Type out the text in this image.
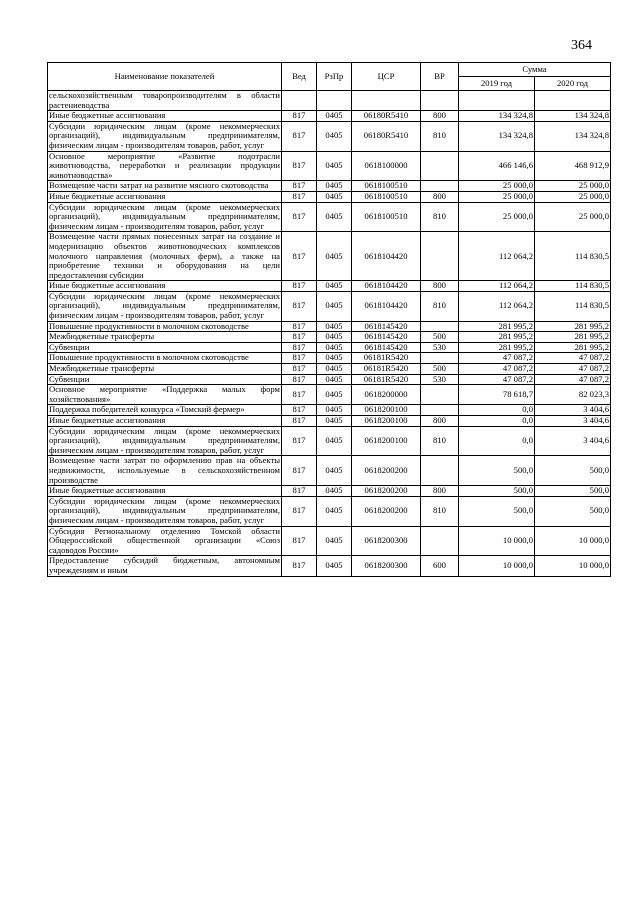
364
Наименование показателей	Вед	РзПр	ЦСР	ВР	Сумма	
					2019 год	2020 год
сельскохозяйственным товаропроизводителям в области растениеводства						
Иные бюджетные ассигнования	817	0405	06180R5410	800	134 324,8	134 324,8
Субсидии юридическим лицам (кроме некоммерческих организаций), индивидуальным предпринимателям, физическим лицам - производителям товаров, работ, услуг	817	0405	06180R5410	810	134 324,8	134 324,8
Основное мероприятие «Развитие подотрасли животноводства, переработки и реализации продукции животноводства»	817	0405	0618100000		466 146,6	468 912,9
Возмещение части затрат на развитие мясного скотоводства	817	0405	0618100510		25 000,0	25 000,0
Иные бюджетные ассигнования	817	0405	0618100510	800	25 000,0	25 000,0
Субсидии юридическим лицам (кроме некоммерческих организаций), индивидуальным предпринимателям, физическим лицам - производителям товаров, работ, услуг	817	0405	0618100510	810	25 000,0	25 000,0
Возмещение части прямых понесенных затрат на создание и модернизацию объектов животноводческих комплексов молочного направления (молочных ферм), а также на приобретение техники и оборудования на цели предоставления субсидии	817	0405	0618104420		112 064,2	114 830,5
Иные бюджетные ассигнования	817	0405	0618104420	800	112 064,2	114 830,5
Субсидии юридическим лицам (кроме некоммерческих организаций), индивидуальным предпринимателям, физическим лицам - производителям товаров, работ, услуг	817	0405	0618104420	810	112 064,2	114 830,5
Повышение продуктивности в молочном скотоводстве	817	0405	0618145420		281 995,2	281 995,2
Межбюджетные трансферты	817	0405	0618145420	500	281 995,2	281 995,2
Субвенции	817	0405	0618145420	530	281 995,2	281 995,2
Повышение продуктивности в молочном скотоводстве	817	0405	06181R5420		47 087,2	47 087,2
Межбюджетные трансферты	817	0405	06181R5420	500	47 087,2	47 087,2
Субвенции	817	0405	06181R5420	530	47 087,2	47 087,2
Основное мероприятие «Поддержка малых форм хозяйствования»	817	0405	0618200000		78 618,7	82 023,3
Поддержка победителей конкурса «Томский фермер»	817	0405	0618200100		0,0	3 404,6
Иные бюджетные ассигнования	817	0405	0618200100	800	0,0	3 404,6
Субсидии юридическим лицам (кроме некоммерческих организаций), индивидуальным предпринимателям, физическим лицам - производителям товаров, работ, услуг	817	0405	0618200100	810	0,0	3 404,6
Возмещение части затрат по оформлению прав на объекты недвижимости, используемые в сельскохозяйственном производстве	817	0405	0618200200		500,0	500,0
Иные бюджетные ассигнования	817	0405	0618200200	800	500,0	500,0
Субсидии юридическим лицам (кроме некоммерческих организаций), индивидуальным предпринимателям, физическим лицам - производителям товаров, работ, услуг	817	0405	0618200200	810	500,0	500,0
Субсидия Региональному отделению Томской области Общероссийской общественной организации «Союз садоводов России»	817	0405	0618200300		10 000,0	10 000,0
Предоставление субсидий бюджетным, автономным учреждениям и иным	817	0405	0618200300	600	10 000,0	10 000,0
